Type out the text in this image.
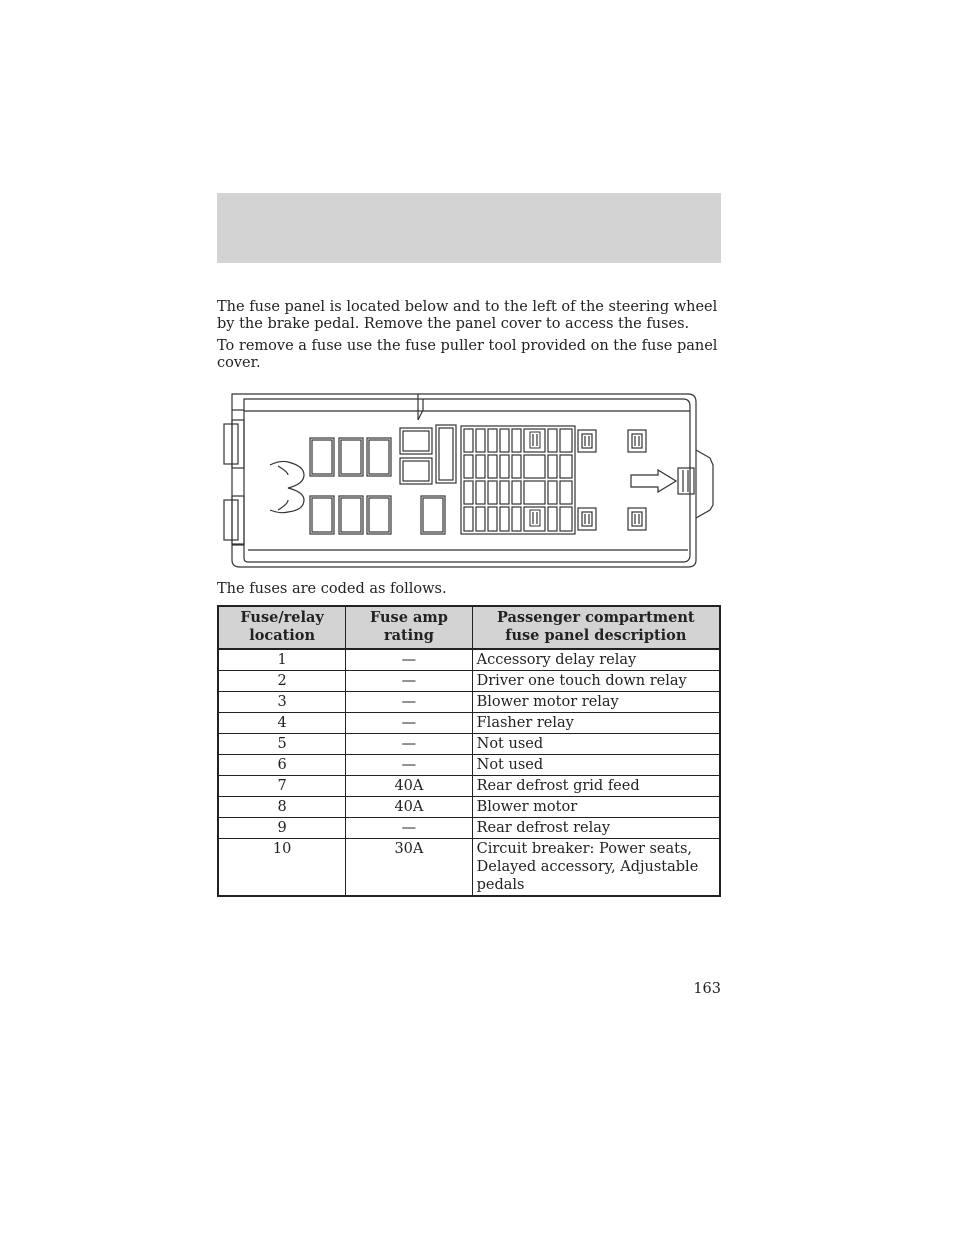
The fuse panel is located below and to the left of the steering wheel by the brake pedal. Remove the panel cover to access the fuses.

To remove a fuse use the fuse puller tool provided on the fuse panel cover.

The fuses are coded as follows.

Fuse/relay location	Fuse amp rating	Passenger compartment fuse panel description
1	—	Accessory delay relay
2	—	Driver one touch down relay
3	—	Blower motor relay
4	—	Flasher relay
5	—	Not used
6	—	Not used
7	40A	Rear defrost grid feed
8	40A	Blower motor
9	—	Rear defrost relay
10	30A	Circuit breaker: Power seats, Delayed accessory, Adjustable pedals

163
